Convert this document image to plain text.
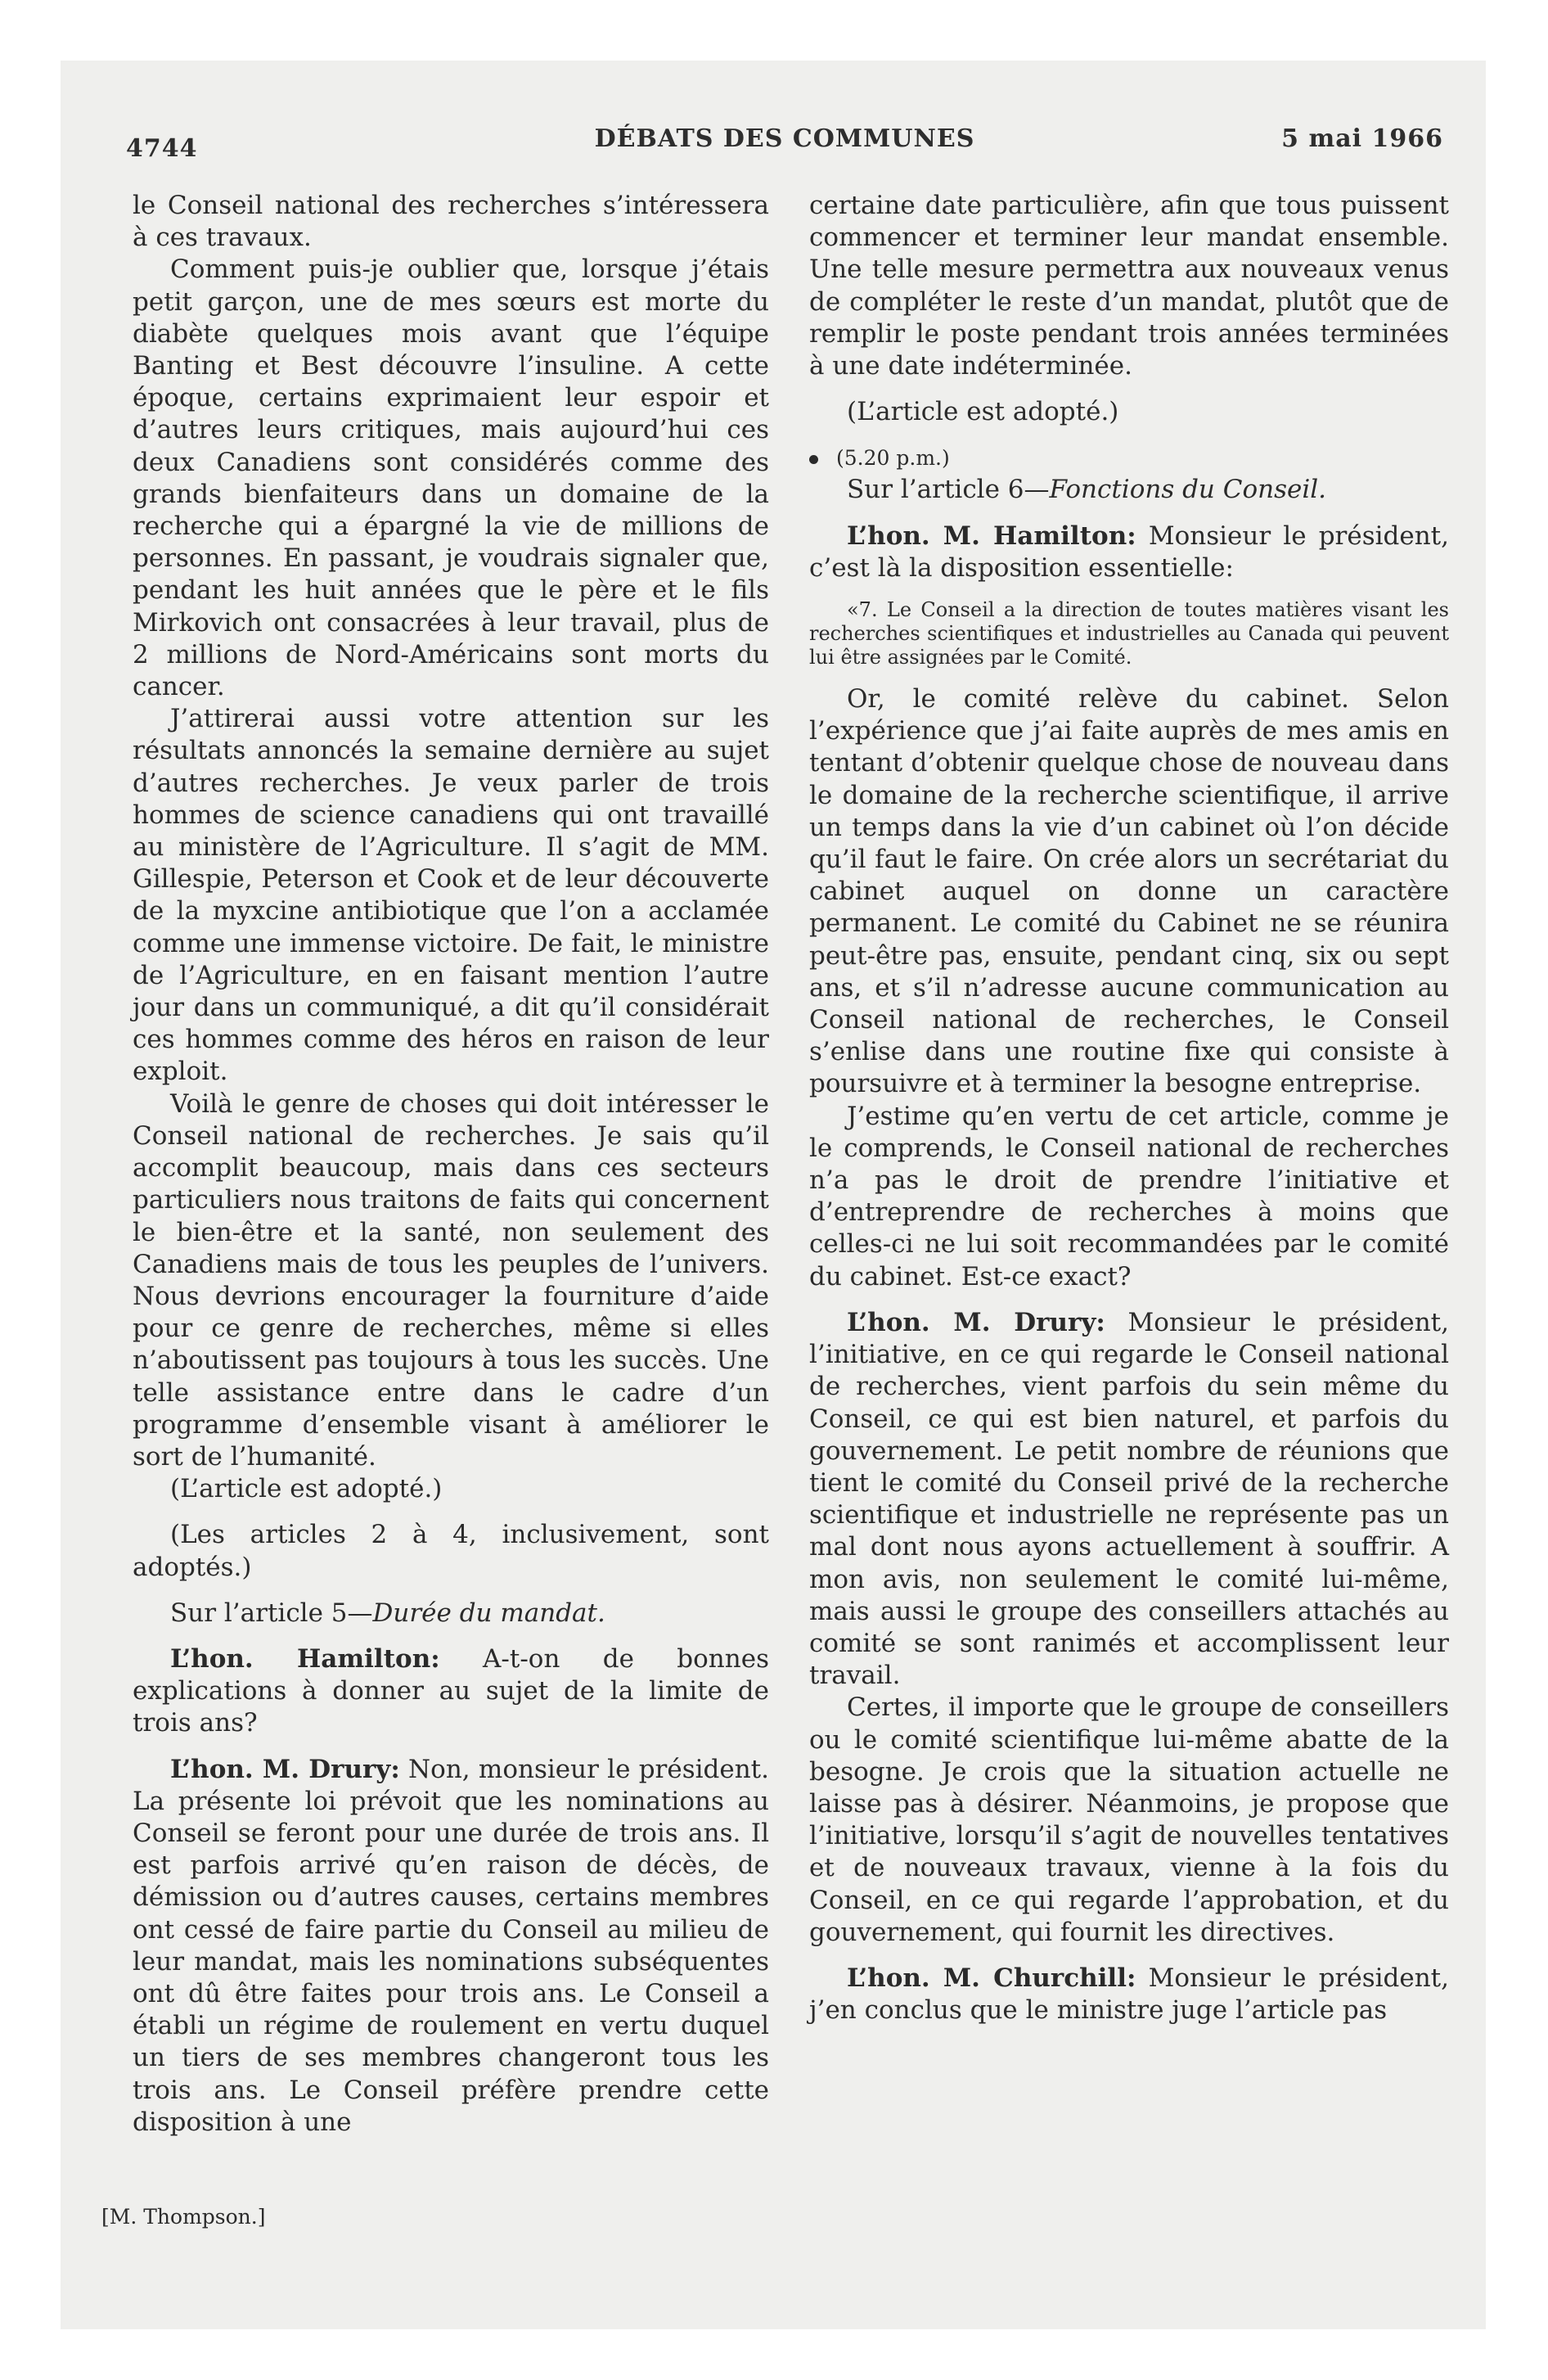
4744	DÉBATS DES COMMUNES	5 mai 1966

le Conseil national des recherches s’intéressera à ces travaux.

Comment puis-je oublier que, lorsque j’étais petit garçon, une de mes sœurs est morte du diabète quelques mois avant que l’équipe Banting et Best découvre l’insuline. A cette époque, certains exprimaient leur espoir et d’autres leurs critiques, mais aujourd’hui ces deux Canadiens sont considérés comme des grands bienfaiteurs dans un domaine de la recherche qui a épargné la vie de millions de personnes. En passant, je voudrais signaler que, pendant les huit années que le père et le fils Mirkovich ont consacrées à leur travail, plus de 2 millions de Nord-Américains sont morts du cancer.

J’attirerai aussi votre attention sur les résultats annoncés la semaine dernière au sujet d’autres recherches. Je veux parler de trois hommes de science canadiens qui ont travaillé au ministère de l’Agriculture. Il s’agit de MM. Gillespie, Peterson et Cook et de leur découverte de la myxcine antibiotique que l’on a acclamée comme une immense victoire. De fait, le ministre de l’Agriculture, en en faisant mention l’autre jour dans un communiqué, a dit qu’il considérait ces hommes comme des héros en raison de leur exploit.

Voilà le genre de choses qui doit intéresser le Conseil national de recherches. Je sais qu’il accomplit beaucoup, mais dans ces secteurs particuliers nous traitons de faits qui concernent le bien-être et la santé, non seulement des Canadiens mais de tous les peuples de l’univers. Nous devrions encourager la fourniture d’aide pour ce genre de recherches, même si elles n’aboutissent pas toujours à tous les succès. Une telle assistance entre dans le cadre d’un programme d’ensemble visant à améliorer le sort de l’humanité.

(L’article est adopté.)

(Les articles 2 à 4, inclusivement, sont adoptés.)

Sur l’article 5—Durée du mandat.

L’hon. Hamilton: A-t-on de bonnes explications à donner au sujet de la limite de trois ans?

L’hon. M. Drury: Non, monsieur le président. La présente loi prévoit que les nominations au Conseil se feront pour une durée de trois ans. Il est parfois arrivé qu’en raison de décès, de démission ou d’autres causes, certains membres ont cessé de faire partie du Conseil au milieu de leur mandat, mais les nominations subséquentes ont dû être faites pour trois ans. Le Conseil a établi un régime de roulement en vertu duquel un tiers de ses membres changeront tous les trois ans. Le Conseil préfère prendre cette disposition à une

certaine date particulière, afin que tous puissent commencer et terminer leur mandat ensemble. Une telle mesure permettra aux nouveaux venus de compléter le reste d’un mandat, plutôt que de remplir le poste pendant trois années terminées à une date indéterminée.

(L’article est adopté.)

(5.20 p.m.)

Sur l’article 6—Fonctions du Conseil.

L’hon. M. Hamilton: Monsieur le président, c’est là la disposition essentielle:

«7. Le Conseil a la direction de toutes matières visant les recherches scientifiques et industrielles au Canada qui peuvent lui être assignées par le Comité.

Or, le comité relève du cabinet. Selon l’expérience que j’ai faite auprès de mes amis en tentant d’obtenir quelque chose de nouveau dans le domaine de la recherche scientifique, il arrive un temps dans la vie d’un cabinet où l’on décide qu’il faut le faire. On crée alors un secrétariat du cabinet auquel on donne un caractère permanent. Le comité du Cabinet ne se réunira peut-être pas, ensuite, pendant cinq, six ou sept ans, et s’il n’adresse aucune communication au Conseil national de recherches, le Conseil s’enlise dans une routine fixe qui consiste à poursuivre et à terminer la besogne entreprise.

J’estime qu’en vertu de cet article, comme je le comprends, le Conseil national de recherches n’a pas le droit de prendre l’initiative et d’entreprendre de recherches à moins que celles-ci ne lui soit recommandées par le comité du cabinet. Est-ce exact?

L’hon. M. Drury: Monsieur le président, l’initiative, en ce qui regarde le Conseil national de recherches, vient parfois du sein même du Conseil, ce qui est bien naturel, et parfois du gouvernement. Le petit nombre de réunions que tient le comité du Conseil privé de la recherche scientifique et industrielle ne représente pas un mal dont nous ayons actuellement à souffrir. A mon avis, non seulement le comité lui-même, mais aussi le groupe des conseillers attachés au comité se sont ranimés et accomplissent leur travail.

Certes, il importe que le groupe de conseillers ou le comité scientifique lui-même abatte de la besogne. Je crois que la situation actuelle ne laisse pas à désirer. Néanmoins, je propose que l’initiative, lorsqu’il s’agit de nouvelles tentatives et de nouveaux travaux, vienne à la fois du Conseil, en ce qui regarde l’approbation, et du gouvernement, qui fournit les directives.

L’hon. M. Churchill: Monsieur le président, j’en conclus que le ministre juge l’article pas

[M. Thompson.]
